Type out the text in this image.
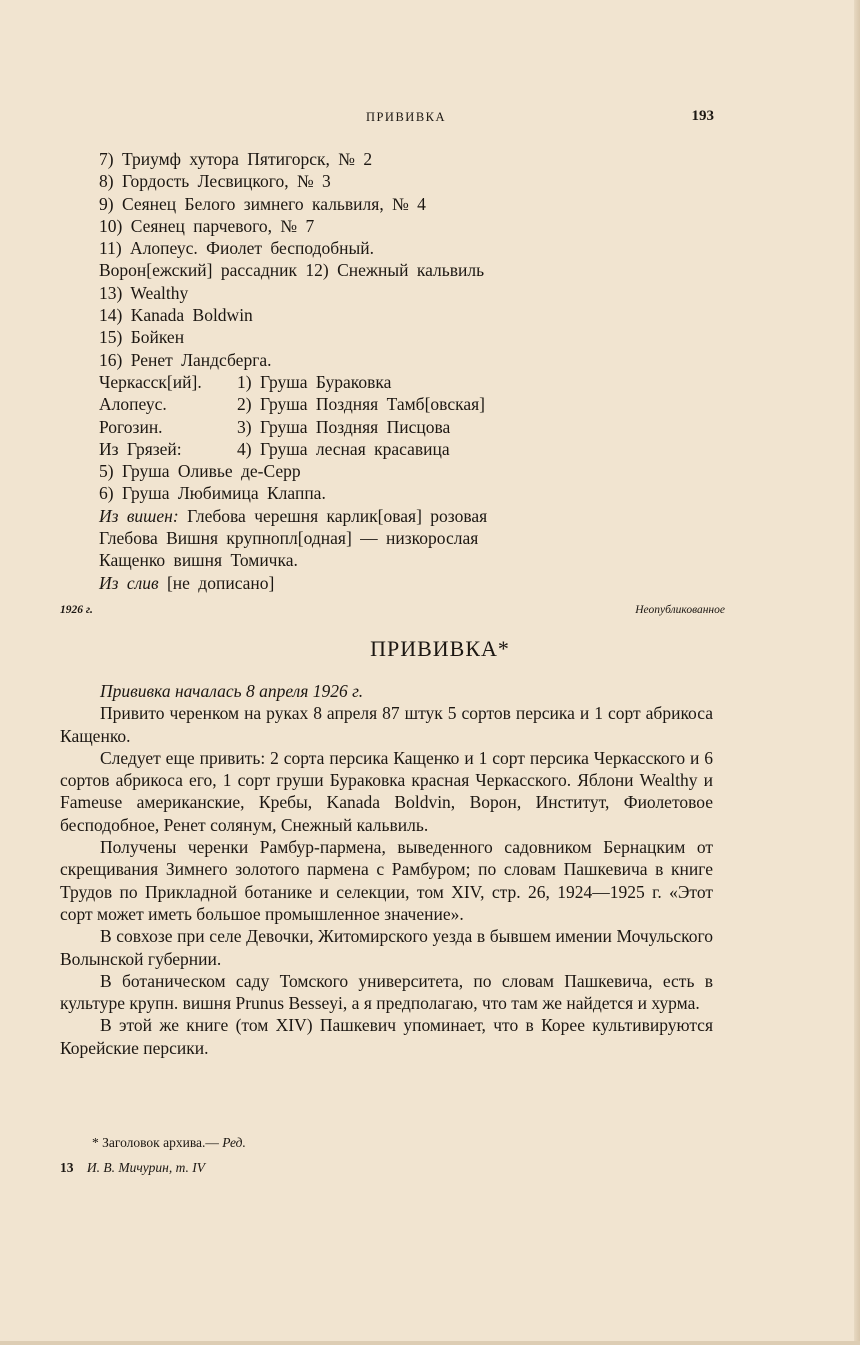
ПРИВИВКА	193
7) Триумф хутора Пятигорск, № 2
8) Гордость Лесвицкого, № 3
9) Сеянец Белого зимнего кальвиля, № 4
10) Сеянец парчевого, № 7
11) Алопеус. Фиолет бесподобный.
Ворон[ежский] рассадник 12) Снежный кальвиль
13) Wealthy
14) Kanada Boldwin
15) Бойкен
16) Ренет Ландсберга.
Черкасск[ий]. 1) Груша Бураковка
Алопеус.	2) Груша Поздняя Тамб[овская]
Рогозин.	3) Груша Поздняя Писцова
Из Грязей:	4) Груша лесная красавица
5) Груша Оливье де-Серр
6) Груша Любимица Клаппа.
Из вишен: Глебова черешня карлик[овая] розовая
Глебова Вишня крупнопл[одная] — низкорослая
Кащенко вишня Томичка.
Из слив [не дописано]
1926 г.	Неопубликованное
ПРИВИВКА*

Прививка началась 8 апреля 1926 г.

Привито черенком на руках 8 апреля 87 штук 5 сортов персика и 1 сорт абрикоса Кащенко.

Следует еще привить: 2 сорта персика Кащенко и 1 сорт персика Черкасского и 6 сортов абрикоса его, 1 сорт груши Бураковка красная Черкасского. Яблони Wealthy и Fameuse американские, Кребы, Kanada Boldvin, Ворон, Институт, Фиолетовое бесподобное, Ренет солянум, Снежный кальвиль.

Получены черенки Рамбур-пармена, выведенного садовником Бернацким от скрещивания Зимнего золотого пармена с Рамбуром; по словам Пашкевича в книге Трудов по Прикладной ботанике и селекции, том XIV, стр. 26, 1924—1925 г. «Этот сорт может иметь большое промышленное значение».

В совхозе при селе Девочки, Житомирского уезда в бывшем имении Мочульского Волынской губернии.

В ботаническом саду Томского университета, по словам Пашкевича, есть в культуре крупн. вишня Prunus Besseyi, а я предполагаю, что там же найдется и хурма.

В этой же книге (том XIV) Пашкевич упоминает, что в Корее культивируются Корейские персики.

* Заголовок архива.— Ред.
13 И. В. Мичурин, т. IV
